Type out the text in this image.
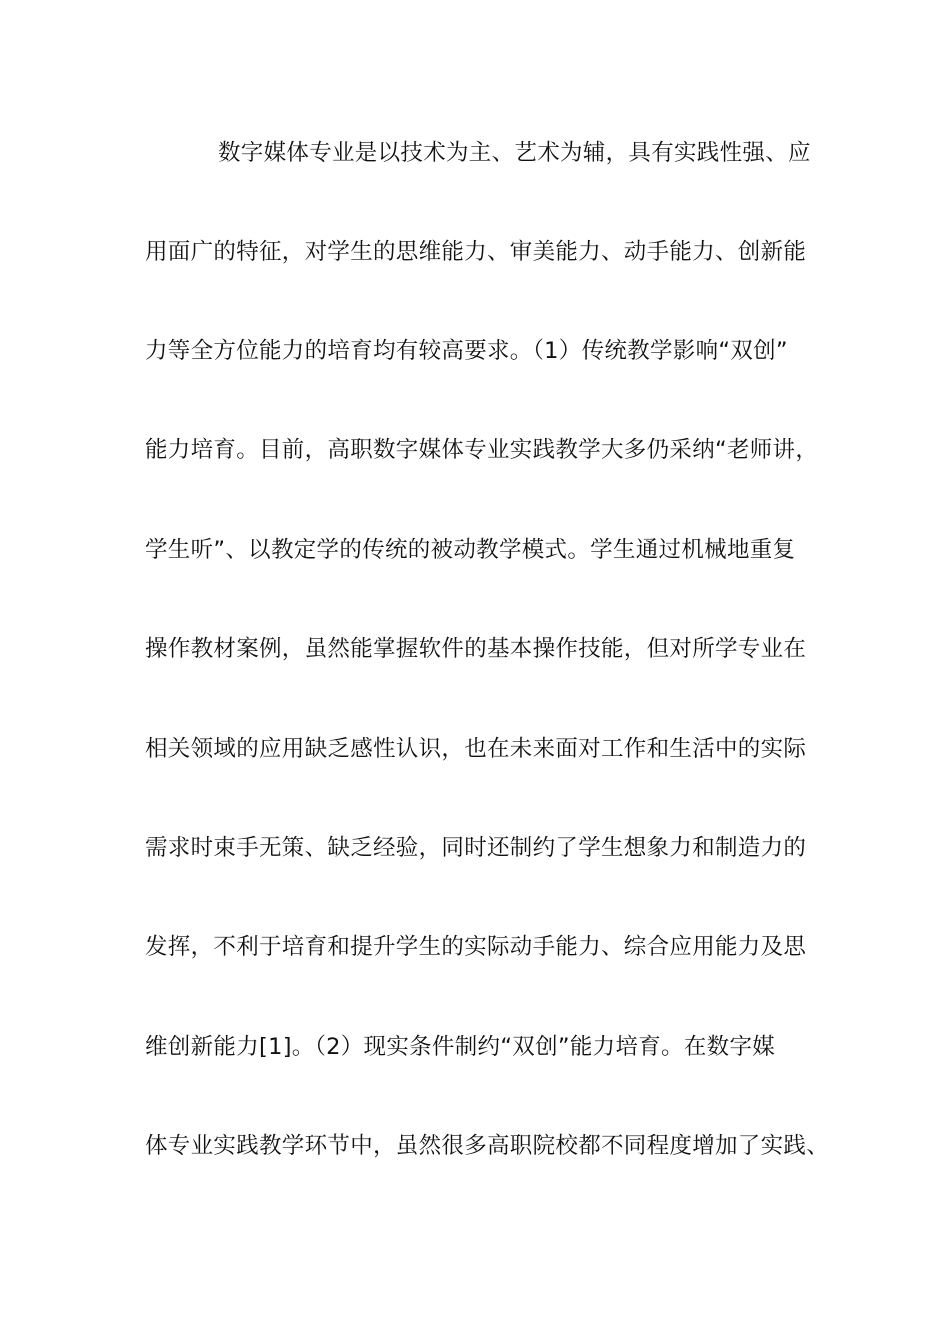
数字媒体专业是以技术为主、艺术为辅，具有实践性强、应
用面广的特征，对学生的思维能力、审美能力、动手能力、创新能
力等全方位能力的培育均有较高要求。（1）传统教学影响“双创”
能力培育。目前，高职数字媒体专业实践教学大多仍采纳“老师讲，
学生听”、以教定学的传统的被动教学模式。学生通过机械地重复
操作教材案例，虽然能掌握软件的基本操作技能，但对所学专业在
相关领域的应用缺乏感性认识，也在未来面对工作和生活中的实际
需求时束手无策、缺乏经验，同时还制约了学生想象力和制造力的
发挥，不利于培育和提升学生的实际动手能力、综合应用能力及思
维创新能力[1]。（2）现实条件制约“双创”能力培育。在数字媒
体专业实践教学环节中，虽然很多高职院校都不同程度增加了实践、
